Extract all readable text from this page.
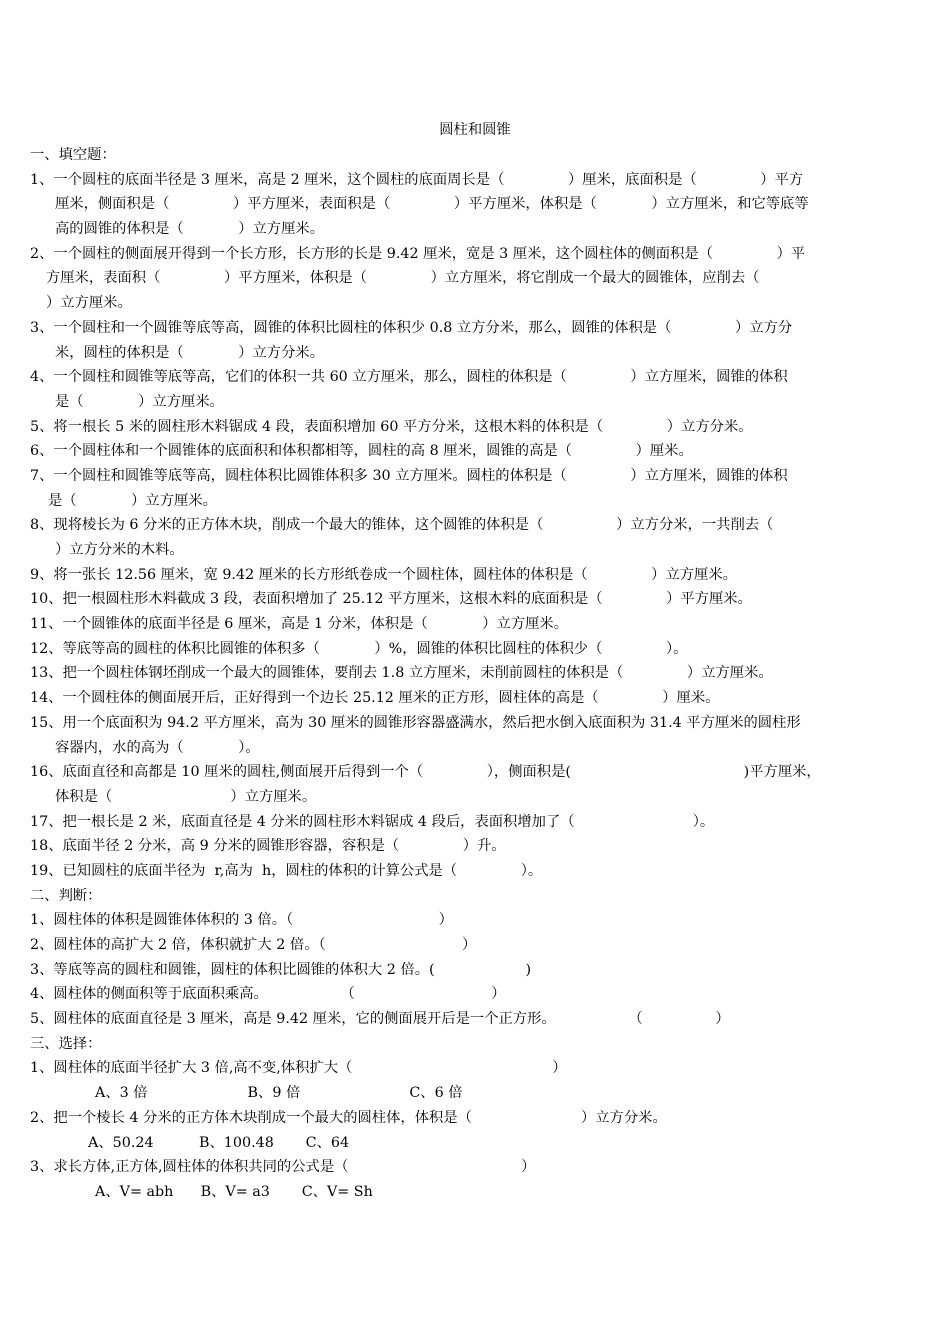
圆柱和圆锥
一、填空题：
1、一个圆柱的底面半径是 3 厘米，高是 2 厘米，这个圆柱的底面周长是（              ）厘米，底面积是（              ）平方
厘米，侧面积是（              ）平方厘米，表面积是（              ）平方厘米，体积是（            ）立方厘米，和它等底等
高的圆锥的体积是（            ）立方厘米。
2、一个圆柱的侧面展开得到一个长方形，长方形的长是 9.42 厘米，宽是 3 厘米，这个圆柱体的侧面积是（              ）平
方厘米，表面积（              ）平方厘米，体积是（              ）立方厘米，将它削成一个最大的圆锥体，应削去（
）立方厘米。
3、一个圆柱和一个圆锥等底等高，圆锥的体积比圆柱的体积少 0.8 立方分米，那么，圆锥的体积是（              ）立方分
米，圆柱的体积是（            ）立方分米。
4、一个圆柱和圆锥等底等高，它们的体积一共 60 立方厘米，那么，圆柱的体积是（              ）立方厘米，圆锥的体积
是（            ）立方厘米。
5、将一根长 5 米的圆柱形木料锯成 4 段，表面积增加 60 平方分米，这根木料的体积是（              ）立方分米。
6、一个圆柱体和一个圆锥体的底面积和体积都相等，圆柱的高 8 厘米，圆锥的高是（              ）厘米。
7、一个圆柱和圆锥等底等高，圆柱体积比圆锥体积多 30 立方厘米。圆柱的体积是（              ）立方厘米，圆锥的体积
是（            ）立方厘米。
8、现将棱长为 6 分米的正方体木块，削成一个最大的锥体，这个圆锥的体积是（                ）立方分米，一共削去（
）立方分米的木料。
9、将一张长 12.56 厘米，宽 9.42 厘米的长方形纸卷成一个圆柱体，圆柱体的体积是（              ）立方厘米。
10、把一根圆柱形木料截成 3 段，表面积增加了 25.12 平方厘米，这根木料的底面积是（              ）平方厘米。
11、一个圆锥体的底面半径是 6 厘米，高是 1 分米，体积是（            ）立方厘米。
12、等底等高的圆柱的体积比圆锥的体积多（            ）%，圆锥的体积比圆柱的体积少（              ）。
13、把一个圆柱体钢坯削成一个最大的圆锥体，要削去 1.8 立方厘米，未削前圆柱的体积是（              ）立方厘米。
14、一个圆柱体的侧面展开后，正好得到一个边长 25.12 厘米的正方形，圆柱体的高是（              ）厘米。
15、用一个底面积为 94.2 平方厘米，高为 30 厘米的圆锥形容器盛满水，然后把水倒入底面积为 31.4 平方厘米的圆柱形
容器内，水的高为（            ）。
16、底面直径和高都是 10 厘米的圆柱,侧面展开后得到一个（              ），侧面积是(                                      )平方厘米，
体积是（                          ）立方厘米。
17、把一根长是 2 米，底面直径是 4 分米的圆柱形木料锯成 4 段后，表面积增加了（                          ）。
18、底面半径 2 分米，高 9 分米的圆锥形容器，容积是（              ）升。
19、已知圆柱的底面半径为  r,高为  h，圆柱的体积的计算公式是（              ）。
二、判断：
1、圆柱体的体积是圆锥体体积的 3 倍。（                                ）
2、圆柱体的高扩大 2 倍，体积就扩大 2 倍。（                              ）
3、等底等高的圆柱和圆锥，圆柱的体积比圆锥的体积大 2 倍。(                    )
4、圆柱体的侧面积等于底面积乘高。                （                              ）
5、圆柱体的底面直径是 3 厘米，高是 9.42 厘米，它的侧面展开后是一个正方形。                （                ）
三、选择：
1、圆柱体的底面半径扩大 3 倍,高不变,体积扩大（                                            ）
A、3 倍                      B、9 倍                        C、6 倍
2、把一个棱长 4 分米的正方体木块削成一个最大的圆柱体，体积是（                        ）立方分米。
A、50.24          B、100.48       C、64
3、求长方体,正方体,圆柱体的体积共同的公式是（                                      ）
A、V= abh      B、V= a3       C、V= Sh
